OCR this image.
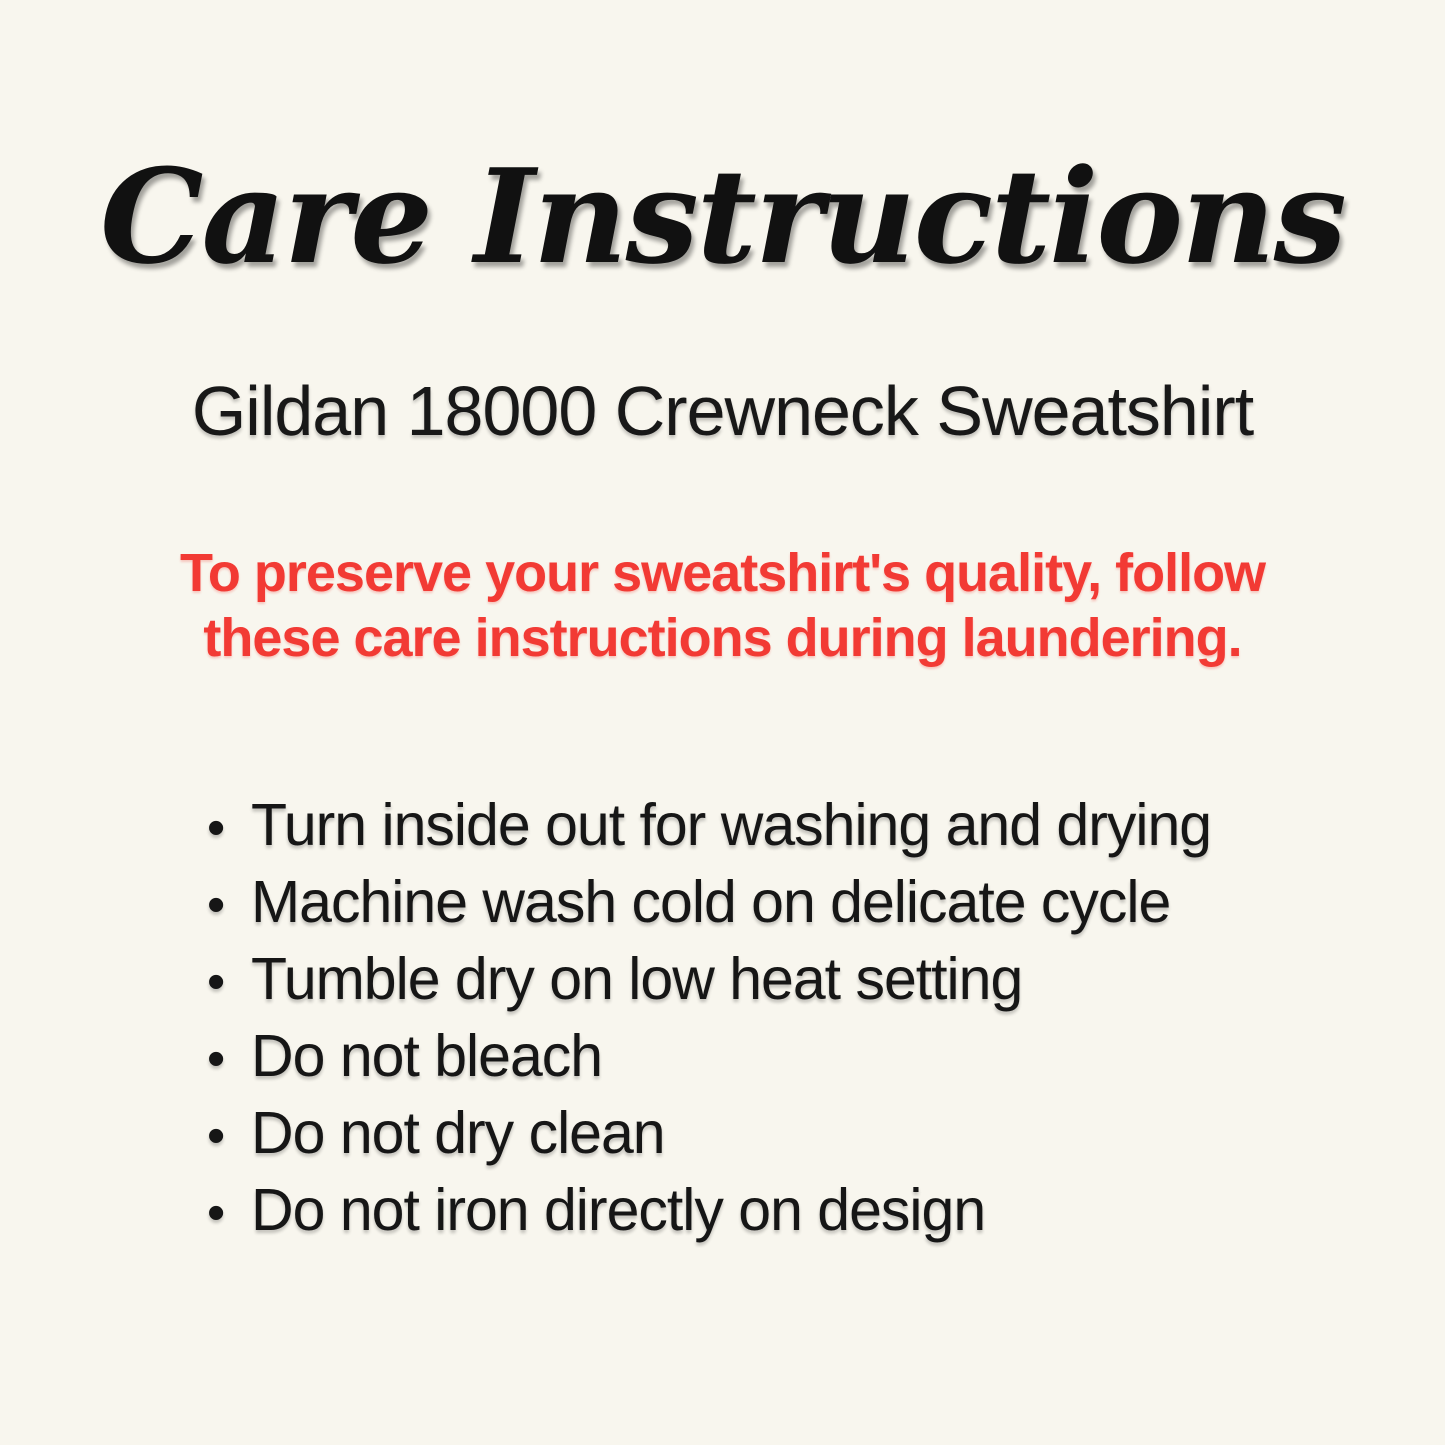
Care Instructions
Gildan 18000 Crewneck Sweatshirt

To preserve your sweatshirt's quality, follow
these care instructions during laundering.

• Turn inside out for washing and drying
• Machine wash cold on delicate cycle
• Tumble dry on low heat setting
• Do not bleach
• Do not dry clean
• Do not iron directly on design
